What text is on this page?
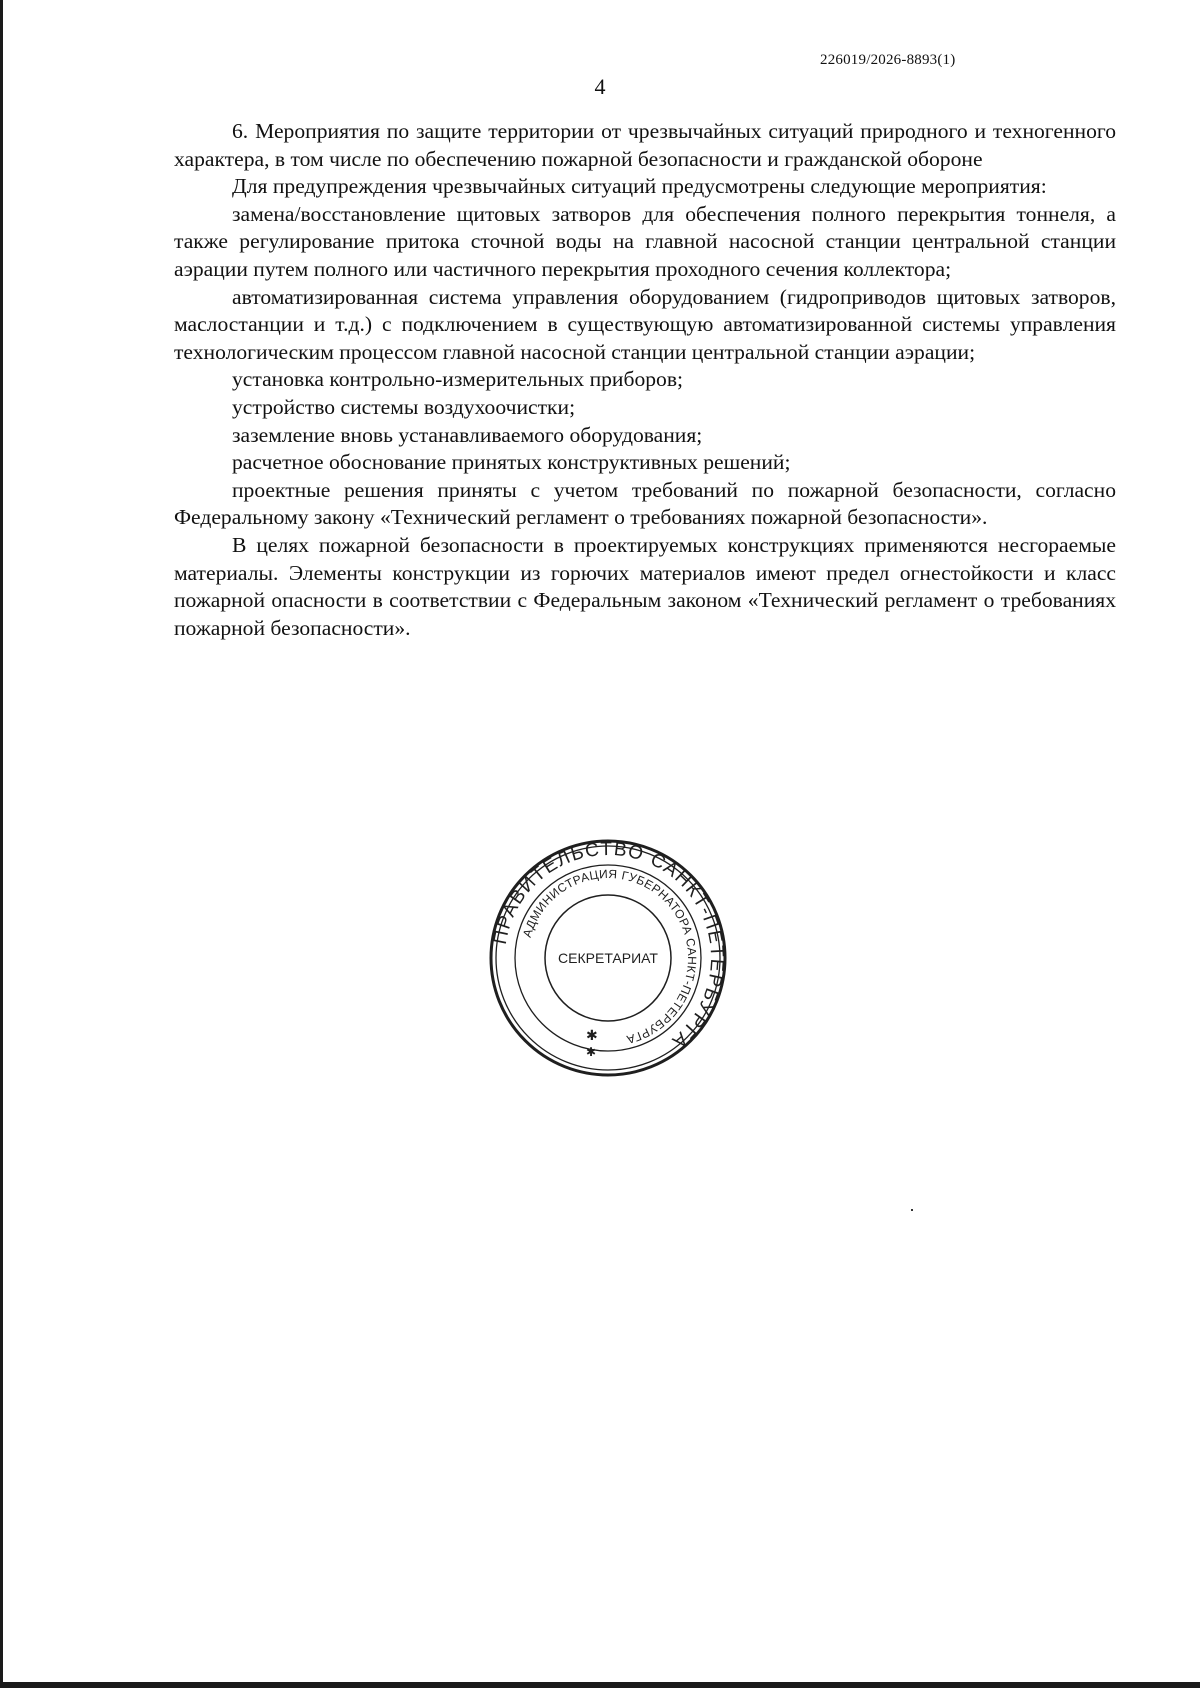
226019/2026-8893(1)
4

6. Мероприятия по защите территории от чрезвычайных ситуаций природного и техногенного характера, в том числе по обеспечению пожарной безопасности и гражданской обороне

Для предупреждения чрезвычайных ситуаций предусмотрены следующие мероприятия:

замена/восстановление щитовых затворов для обеспечения полного перекрытия тоннеля, а также регулирование притока сточной воды на главной насосной станции центральной станции аэрации путем полного или частичного перекрытия проходного сечения коллектора;

автоматизированная система управления оборудованием (гидроприводов щитовых затворов, маслостанции и т.д.) с подключением в существующую автоматизированной системы управления технологическим процессом главной насосной станции центральной станции аэрации;

установка контрольно-измерительных приборов;

устройство системы воздухоочистки;

заземление вновь устанавливаемого оборудования;

расчетное обоснование принятых конструктивных решений;

проектные решения приняты с учетом требований по пожарной безопасности, согласно Федеральному закону «Технический регламент о требованиях пожарной безопасности».

В целях пожарной безопасности в проектируемых конструкциях применяются несгораемые материалы. Элементы конструкции из горючих материалов имеют предел огнестойкости и класс пожарной опасности в соответствии с Федеральным законом «Технический регламент о требованиях пожарной безопасности».

ПРАВИТЕЛЬСТВО САНКТ-ПЕТЕРБУРГА
АДМИНИСТРАЦИЯ ГУБЕРНАТОРА САНКТ-ПЕТЕРБУРГА
СЕКРЕТАРИАТ
✱
✱
